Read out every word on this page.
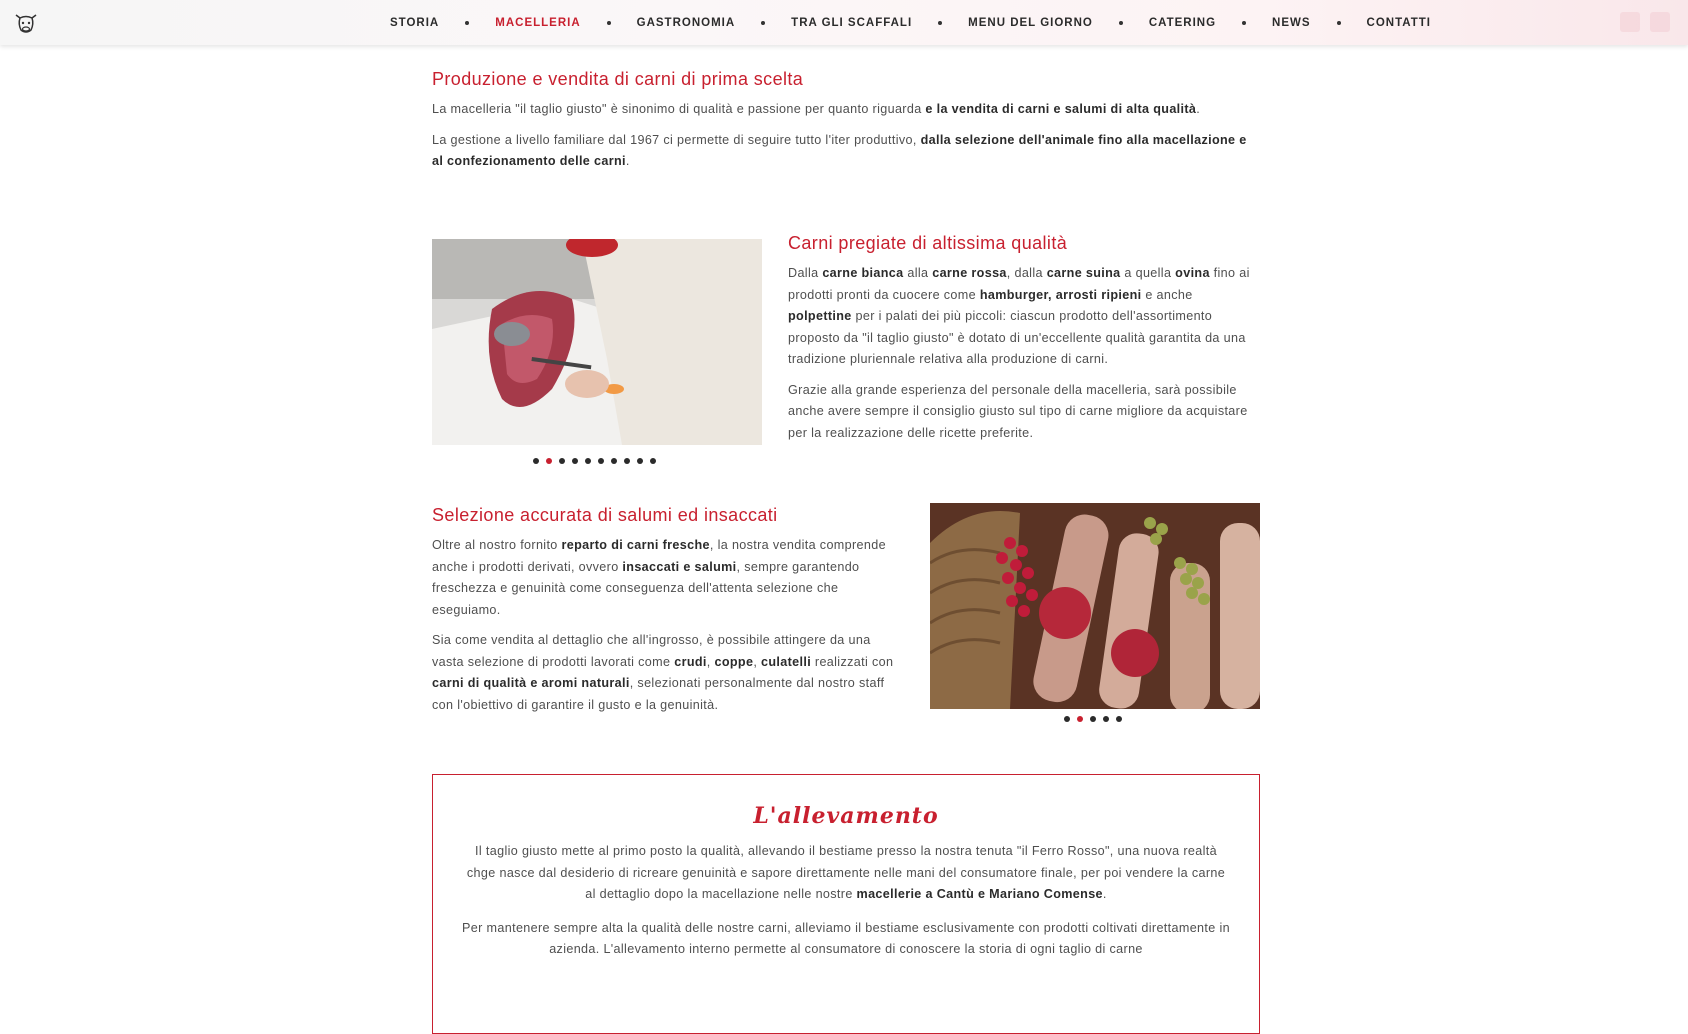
STORIA	MACELLERIA	GASTRONOMIA	TRA GLI SCAFFALI	MENU DEL GIORNO	CATERING	NEWS	CONTATTI
Produzione e vendita di carni di prima scelta

La macelleria "il taglio giusto" è sinonimo di qualità e passione per quanto riguarda e la vendita di carni e salumi di alta qualità.

La gestione a livello familiare dal 1967 ci permette di seguire tutto l'iter produttivo, dalla selezione dell'animale fino alla macellazione e al confezionamento delle carni.

Carni pregiate di altissima qualità

Dalla carne bianca alla carne rossa, dalla carne suina a quella ovina fino ai prodotti pronti da cuocere come hamburger, arrosti ripieni e anche polpettine per i palati dei più piccoli: ciascun prodotto dell'assortimento proposto da "il taglio giusto" è dotato di un'eccellente qualità garantita da una tradizione pluriennale relativa alla produzione di carni.

Grazie alla grande esperienza del personale della macelleria, sarà possibile anche avere sempre il consiglio giusto sul tipo di carne migliore da acquistare per la realizzazione delle ricette preferite.

Selezione accurata di salumi ed insaccati

Oltre al nostro fornito reparto di carni fresche, la nostra vendita comprende anche i prodotti derivati, ovvero insaccati e salumi, sempre garantendo freschezza e genuinità come conseguenza dell'attenta selezione che eseguiamo.

Sia come vendita al dettaglio che all'ingrosso, è possibile attingere da una vasta selezione di prodotti lavorati come crudi, coppe, culatelli realizzati con carni di qualità e aromi naturali, selezionati personalmente dal nostro staff con l'obiettivo di garantire il gusto e la genuinità.

L'allevamento

Il taglio giusto mette al primo posto la qualità, allevando il bestiame presso la nostra tenuta "il Ferro Rosso", una nuova realtà chge nasce dal desiderio di ricreare genuinità e sapore direttamente nelle mani del consumatore finale, per poi vendere la carne al dettaglio dopo la macellazione nelle nostre macellerie a Cantù e Mariano Comense.

Per mantenere sempre alta la qualità delle nostre carni, alleviamo il bestiame esclusivamente con prodotti coltivati direttamente in azienda. L'allevamento interno permette al consumatore di conoscere la storia di ogni taglio di carne
